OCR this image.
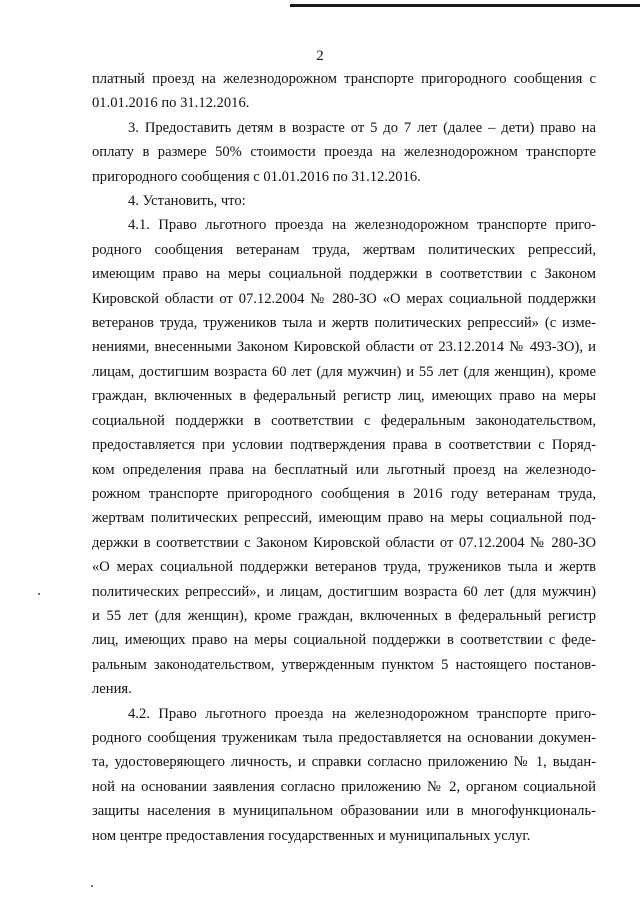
2

платный проезд на железнодорожном транспорте пригородного сообщения с
01.01.2016 по 31.12.2016.

3. Предоставить детям в возрасте от 5 до 7 лет (далее – дети) право на
оплату в размере 50% стоимости проезда на железнодорожном транспорте
пригородного сообщения с 01.01.2016 по 31.12.2016.

4. Установить, что:

4.1. Право льготного проезда на железнодорожном транспорте приго-
родного сообщения ветеранам труда, жертвам политических репрессий,
имеющим право на меры социальной поддержки в соответствии с Законом
Кировской области от 07.12.2004 № 280-ЗО «О мерах социальной поддержки
ветеранов труда, тружеников тыла и жертв политических репрессий» (с изме-
нениями, внесенными Законом Кировской области от 23.12.2014 № 493-ЗО), и
лицам, достигшим возраста 60 лет (для мужчин) и 55 лет (для женщин), кроме
граждан, включенных в федеральный регистр лиц, имеющих право на меры
социальной поддержки в соответствии с федеральным законодательством,
предоставляется при условии подтверждения права в соответствии с Поряд-
ком определения права на бесплатный или льготный проезд на железнодо-
рожном транспорте пригородного сообщения в 2016 году ветеранам труда,
жертвам политических репрессий, имеющим право на меры социальной под-
держки в соответствии с Законом Кировской области от 07.12.2004 № 280-ЗО
«О мерах социальной поддержки ветеранов труда, тружеников тыла и жертв
политических репрессий», и лицам, достигшим возраста 60 лет (для мужчин)
и 55 лет (для женщин), кроме граждан, включенных в федеральный регистр
лиц, имеющих право на меры социальной поддержки в соответствии с феде-
ральным законодательством, утвержденным пунктом 5 настоящего постанов-
ления.

4.2. Право льготного проезда на железнодорожном транспорте приго-
родного сообщения труженикам тыла предоставляется на основании докумен-
та, удостоверяющего личность, и справки согласно приложению № 1, выдан-
ной на основании заявления согласно приложению № 2, органом социальной
защиты населения в муниципальном образовании или в многофункциональ-
ном центре предоставления государственных и муниципальных услуг.
